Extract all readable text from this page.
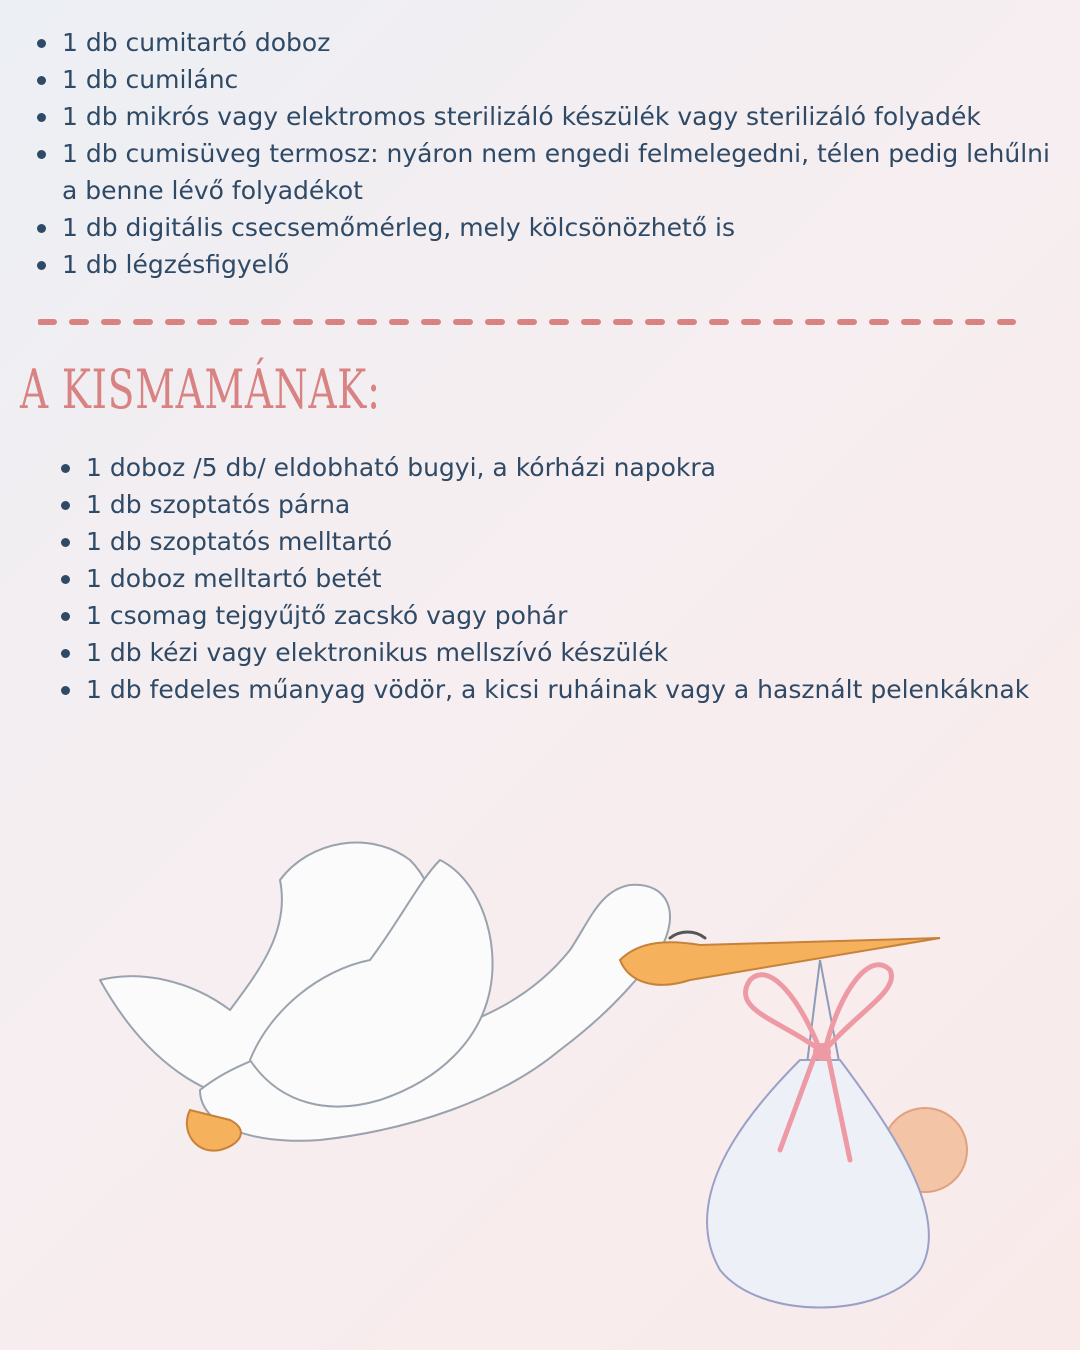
1 db cumitartó doboz
1 db cumilánc
1 db mikrós vagy elektromos sterilizáló készülék vagy sterilizáló folyadék
1 db cumisüveg termosz: nyáron nem engedi felmelegedni, télen pedig lehűlni a benne lévő folyadékot
1 db digitális csecsemőmérleg, mely kölcsönözhető is
1 db légzésfigyelő
A KISMAMÁNAK:
1 doboz /5 db/ eldobható bugyi, a kórházi napokra
1 db szoptatós párna
1 db szoptatós melltartó
1 doboz melltartó betét
1 csomag tejgyűjtő zacskó vagy pohár
1 db kézi vagy elektronikus mellszívó készülék
1 db fedeles műanyag vödör, a kicsi ruháinak vagy a használt pelenkáknak
